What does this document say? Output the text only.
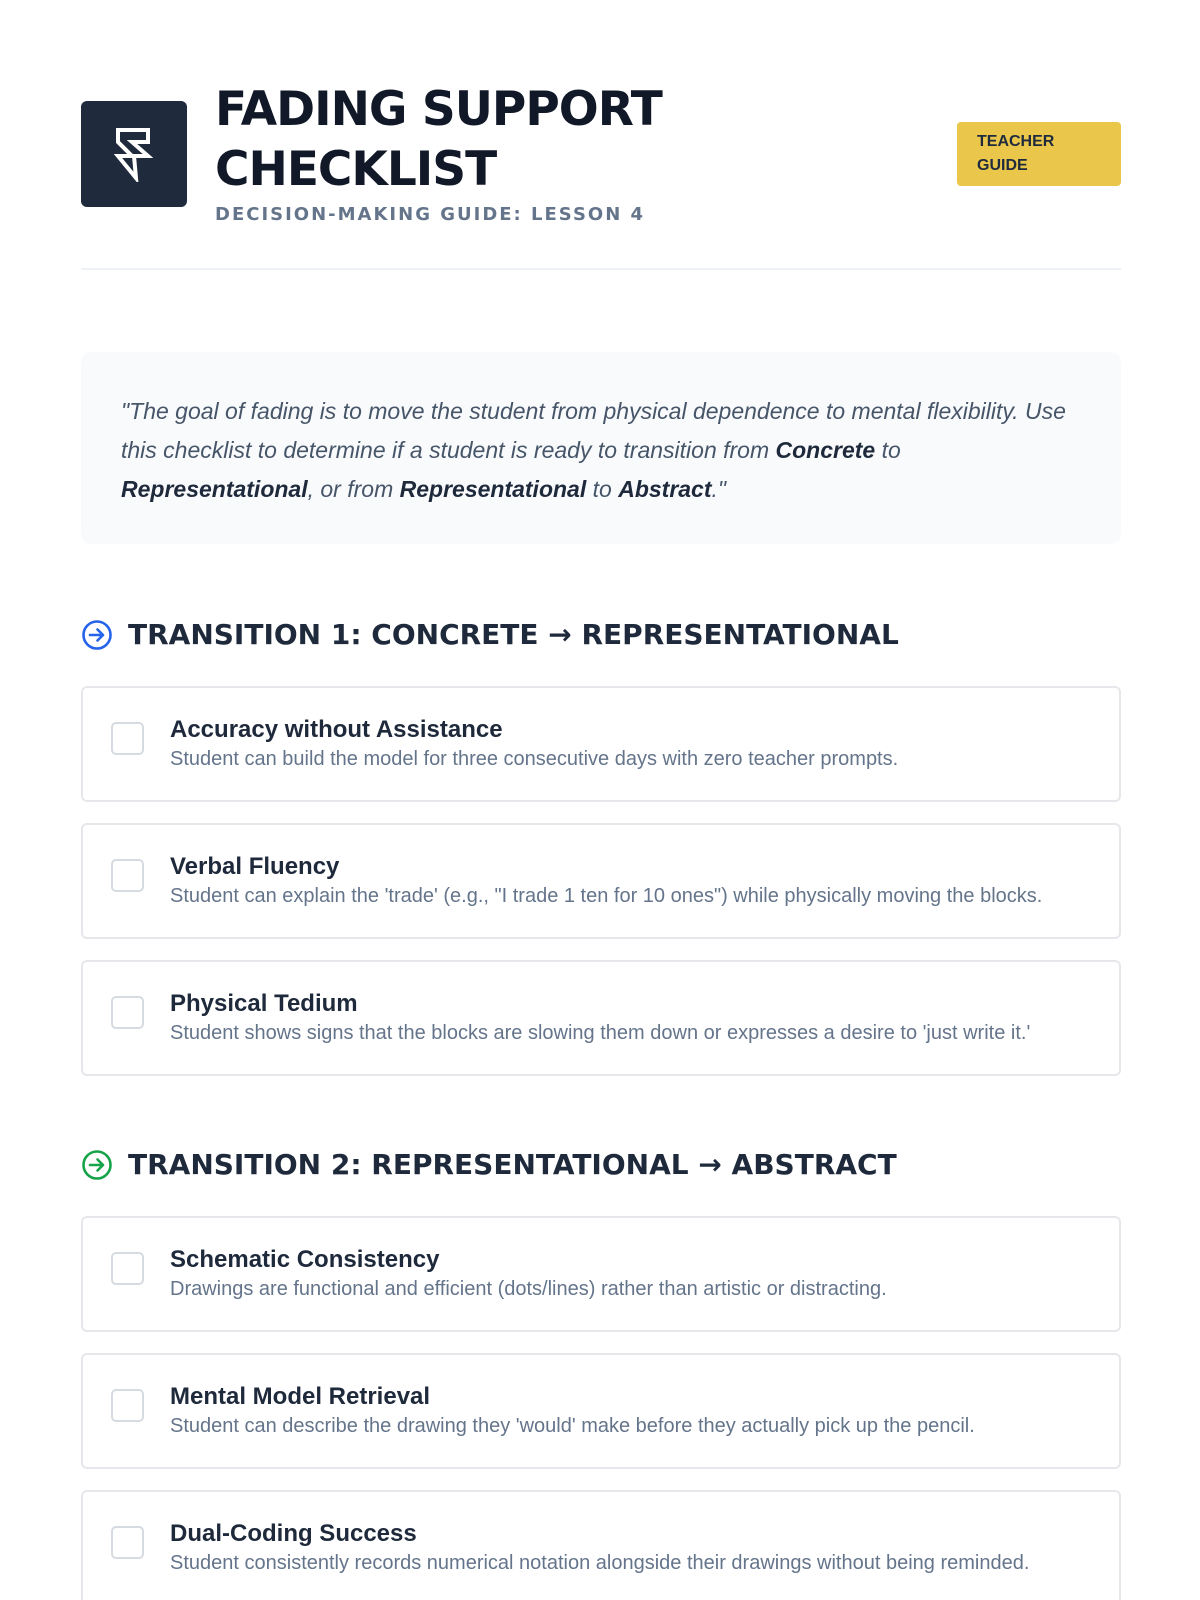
FADING SUPPORT
CHECKLIST
DECISION-MAKING GUIDE: LESSON 4
TEACHER
GUIDE
"The goal of fading is to move the student from physical dependence to mental flexibility. Use this checklist to determine if a student is ready to transition from Concrete to Representational, or from Representational to Abstract."
TRANSITION 1: CONCRETE → REPRESENTATIONAL
Accuracy without Assistance
Student can build the model for three consecutive days with zero teacher prompts.
Verbal Fluency
Student can explain the 'trade' (e.g., "I trade 1 ten for 10 ones") while physically moving the blocks.
Physical Tedium
Student shows signs that the blocks are slowing them down or expresses a desire to 'just write it.'
TRANSITION 2: REPRESENTATIONAL → ABSTRACT
Schematic Consistency
Drawings are functional and efficient (dots/lines) rather than artistic or distracting.
Mental Model Retrieval
Student can describe the drawing they 'would' make before they actually pick up the pencil.
Dual-Coding Success
Student consistently records numerical notation alongside their drawings without being reminded.
